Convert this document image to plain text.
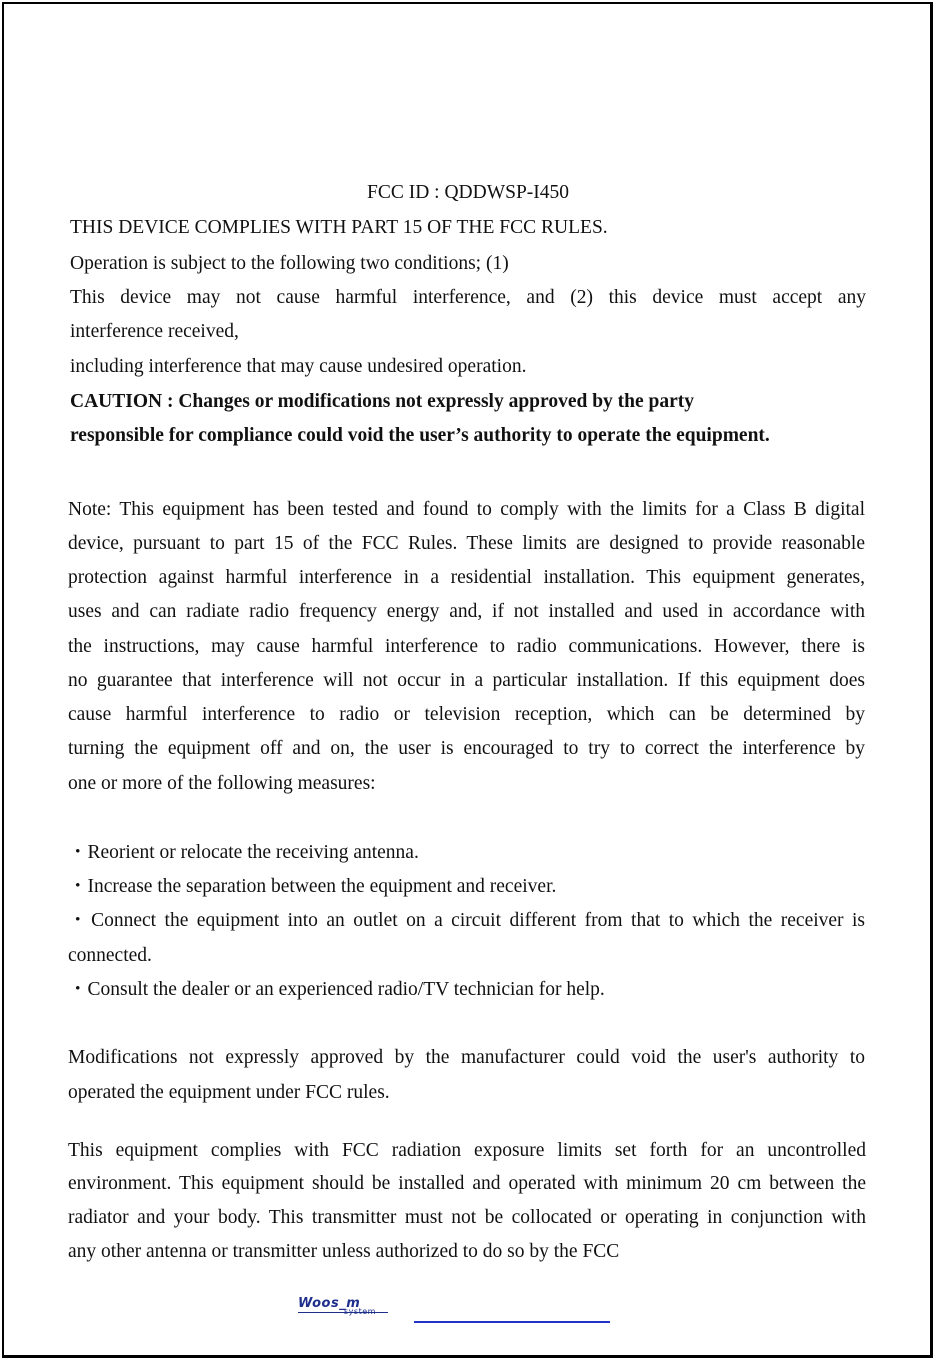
FCC ID : QDDWSP-I450
THIS DEVICE COMPLIES WITH PART 15 OF THE FCC RULES.
Operation is subject to the following two conditions; (1)
This device may not cause harmful interference, and (2) this device must accept any
interference received,
including interference that may cause undesired operation.
CAUTION : Changes or modifications not expressly approved by the party
responsible for compliance could void the user’s authority to operate the equipment.
Note: This equipment has been tested and found to comply with the limits for a Class B digital
device, pursuant to part 15 of the FCC Rules. These limits are designed to provide reasonable
protection against harmful interference in a residential installation. This equipment generates,
uses and can radiate radio frequency energy and, if not installed and used in accordance with
the instructions, may cause harmful interference to radio communications. However, there is
no guarantee that interference will not occur in a particular installation. If this equipment does
cause harmful interference to radio or television reception, which can be determined by
turning the equipment off and on, the user is encouraged to try to correct the interference by
one or more of the following measures:
・Reorient or relocate the receiving antenna.
・Increase the separation between the equipment and receiver.
・Connect the equipment into an outlet on a circuit different from that to which the receiver is
connected.
・Consult the dealer or an experienced radio/TV technician for help.
Modifications not expressly approved by the manufacturer could void the user's authority to
operated the equipment under FCC rules.
This equipment complies with FCC radiation exposure limits set forth for an uncontrolled
environment. This equipment should be installed and operated with minimum 20 cm between the
radiator and your body. This transmitter must not be collocated or operating in conjunction with
any other antenna or transmitter unless authorized to do so by the FCC
Woos_m
system
